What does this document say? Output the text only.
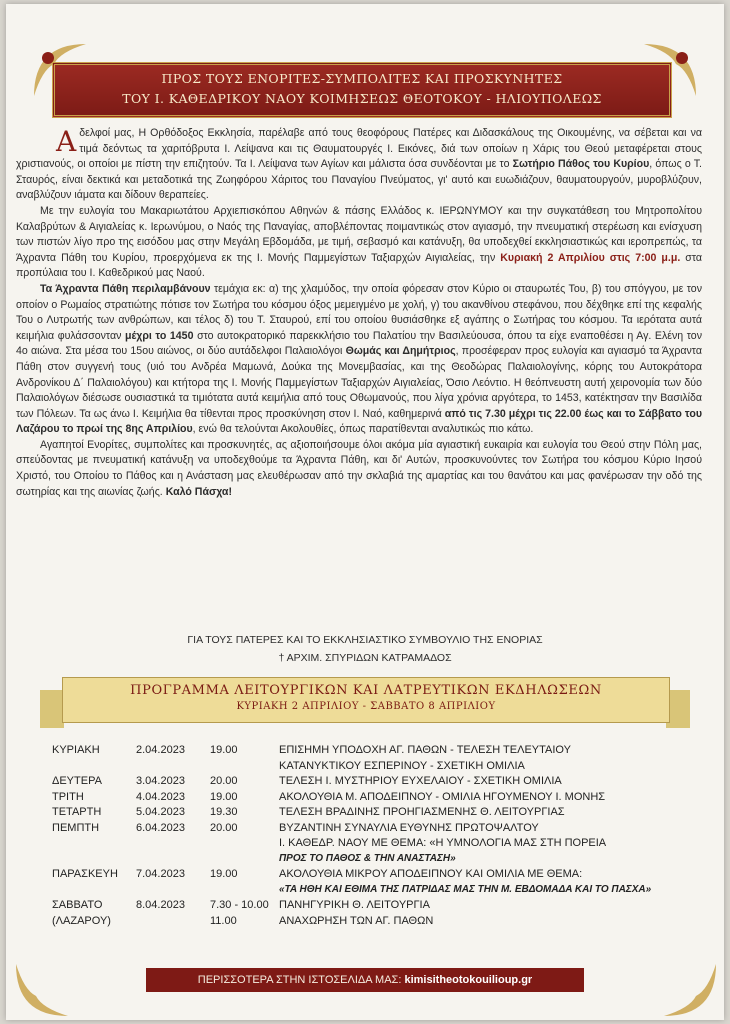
ΠΡΟΣ ΤΟΥΣ ΕΝΟΡΙΤΕΣ-ΣΥΜΠΟΛΙΤΕΣ ΚΑΙ ΠΡΟΣΚΥΝΗΤΕΣ
ΤΟΥ Ι. ΚΑΘΕΔΡΙΚΟΥ ΝΑΟΥ ΚΟΙΜΗΣΕΩΣ ΘΕΟΤΟΚΟΥ - ΗΛΙΟΥΠΟΛΕΩΣ

Αδελφοί μας, Η Ορθόδοξος Εκκλησία, παρέλαβε από τους θεοφόρους Πατέρες και Διδασκάλους της Οικουμένης, να σέβεται και να τιμά δεόντως τα χαριτόβρυτα Ι. Λείψανα και τις Θαυματουργές Ι. Εικόνες, διά των οποίων η Χάρις του Θεού μεταφέρεται στους χριστιανούς, οι οποίοι με πίστη την επιζητούν. Τα Ι. Λείψανα των Αγίων και μάλιστα όσα συνδέονται με το Σωτήριο Πάθος του Κυρίου, όπως ο Τ. Σταυρός, είναι δεκτικά και μεταδοτικά της Ζωηφόρου Χάριτος του Παναγίου Πνεύματος, γι' αυτό και ευωδιάζουν, θαυματουργούν, μυροβλύζουν, αναβλύζουν ιάματα και δίδουν θεραπείες.

Με την ευλογία του Μακαριωτάτου Αρχιεπισκόπου Αθηνών & πάσης Ελλάδος κ. ΙΕΡΩΝΥΜΟΥ και την συγκατάθεση του Μητροπολίτου Καλαβρύτων & Αιγιαλείας κ. Ιερωνύμου, ο Ναός της Παναγίας, αποβλέποντας ποιμαντικώς στον αγιασμό, την πνευματική στερέωση και ενίσχυση των πιστών λίγο προ της εισόδου μας στην Μεγάλη Εβδομάδα, με τιμή, σεβασμό και κατάνυξη, θα υποδεχθεί εκκλησιαστικώς και ιεροπρεπώς, τα Άχραντα Πάθη του Κυρίου, προερχόμενα εκ της Ι. Μονής Παμμεγίστων Ταξιαρχών Αιγιαλείας, την Κυριακή 2 Απριλίου στις 7:00 μ.μ. στα προπύλαια του Ι. Καθεδρικού μας Ναού.

Τα Άχραντα Πάθη περιλαμβάνουν τεμάχια εκ: α) της χλαμύδος, την οποία φόρεσαν στον Κύριο οι σταυρωτές Του, β) του σπόγγου, με τον οποίον ο Ρωμαίος στρατιώτης πότισε τον Σωτήρα του κόσμου όξος μεμειγμένο με χολή, γ) του ακανθίνου στεφάνου, που δέχθηκε επί της κεφαλής Του ο Λυτρωτής των ανθρώπων, και τέλος δ) του Τ. Σταυρού, επί του οποίου θυσιάσθηκε εξ αγάπης ο Σωτήρας του κόσμου. Τα ιερότατα αυτά κειμήλια φυλάσσονταν μέχρι το 1450 στο αυτοκρατορικό παρεκκλήσιο του Παλατίου την Βασιλεύουσα, όπου τα είχε εναποθέσει η Αγ. Ελένη τον 4ο αιώνα. Στα μέσα του 15ου αιώνος, οι δύο αυτάδελφοι Παλαιολόγοι Θωμάς και Δημήτριος, προσέφεραν προς ευλογία και αγιασμό τα Άχραντα Πάθη στον συγγενή τους (υιό του Ανδρέα Μαμωνά, Δούκα της Μονεμβασίας, και της Θεοδώρας Παλαιολογίνης, κόρης του Αυτοκράτορα Ανδρονίκου Δ΄ Παλαιολόγου) και κτήτορα της Ι. Μονής Παμμεγίστων Ταξιαρχών Αιγιαλείας, Όσιο Λεόντιο. Η θεόπνευστη αυτή χειρονομία των δύο Παλαιολόγων διέσωσε ουσιαστικά τα τιμιότατα αυτά κειμήλια από τους Οθωμανούς, που λίγα χρόνια αργότερα, το 1453, κατέκτησαν την Βασιλίδα των Πόλεων. Τα ως άνω Ι. Κειμήλια θα τίθενται προς προσκύνηση στον Ι. Ναό, καθημερινά από τις 7.30 μέχρι τις 22.00 έως και το Σάββατο του Λαζάρου το πρωί της 8ης Απριλίου, ενώ θα τελούνται Ακολουθίες, όπως παρατίθενται αναλυτικώς πιο κάτω.

Αγαπητοί Ενορίτες, συμπολίτες και προσκυνητές, ας αξιοποιήσουμε όλοι ακόμα μία αγιαστική ευκαιρία και ευλογία του Θεού στην Πόλη μας, σπεύδοντας με πνευματική κατάνυξη να υποδεχθούμε τα Άχραντα Πάθη, και δι' Αυτών, προσκυνούντες τον Σωτήρα του κόσμου Κύριο Ιησού Χριστό, του Οποίου το Πάθος και η Ανάσταση μας ελευθέρωσαν από την σκλαβιά της αμαρτίας και του θανάτου και μας φανέρωσαν την οδό της σωτηρίας και της αιωνίας ζωής. Καλό Πάσχα!

ΓΙΑ ΤΟΥΣ ΠΑΤΕΡΕΣ ΚΑΙ ΤΟ ΕΚΚΛΗΣΙΑΣΤΙΚΟ ΣΥΜΒΟΥΛΙΟ ΤΗΣ ΕΝΟΡΙΑΣ
† ΑΡΧΙΜ. ΣΠΥΡΙΔΩΝ ΚΑΤΡΑΜΑΔΟΣ
ΠΡΟΓΡΑΜΜΑ ΛΕΙΤΟΥΡΓΙΚΩΝ ΚΑΙ ΛΑΤΡΕΥΤΙΚΩΝ ΕΚΔΗΛΩΣΕΩΝ
ΚΥΡΙΑΚΗ 2 ΑΠΡΙΛΙΟΥ - ΣΑΒΒΑΤΟ 8 ΑΠΡΙΛΙΟΥ
ΚΥΡΙΑΚΗ	2.04.2023 19.00	ΕΠΙΣΗΜΗ ΥΠΟΔΟΧΗ ΑΓ. ΠΑΘΩΝ - ΤΕΛΕΣΗ ΤΕΛΕΥΤΑΙΟΥ
ΚΑΤΑΝΥΚΤΙΚΟΥ ΕΣΠΕΡΙΝΟΥ - ΣΧΕΤΙΚΗ ΟΜΙΛΙΑ
ΔΕΥΤΕΡΑ	3.04.2023 20.00	ΤΕΛΕΣΗ Ι. ΜΥΣΤΗΡΙΟΥ ΕΥΧΕΛΑΙΟΥ - ΣΧΕΤΙΚΗ ΟΜΙΛΙΑ
ΤΡΙΤΗ	4.04.2023 19.00	ΑΚΟΛΟΥΘΙΑ Μ. ΑΠΟΔΕΙΠΝΟΥ - ΟΜΙΛΙΑ ΗΓΟΥΜΕΝΟΥ Ι. ΜΟΝΗΣ
ΤΕΤΑΡΤΗ	5.04.2023 19.30	ΤΕΛΕΣΗ ΒΡΑΔΙΝΗΣ ΠΡΟΗΓΙΑΣΜΕΝΗΣ Θ. ΛΕΙΤΟΥΡΓΙΑΣ
ΠΕΜΠΤΗ	6.04.2023 20.00	ΒΥΖΑΝΤΙΝΗ ΣΥΝΑΥΛΙΑ ΕΥΘΥΝΗΣ ΠΡΩΤΟΨΑΛΤΟΥ
Ι. ΚΑΘΕΔΡ. ΝΑΟΥ ΜΕ ΘΕΜΑ: «Η ΥΜΝΟΛΟΓΙΑ ΜΑΣ ΣΤΗ ΠΟΡΕΙΑ
ΠΡΟΣ ΤΟ ΠΑΘΟΣ & ΤΗΝ ΑΝΑΣΤΑΣΗ»
ΠΑΡΑΣΚΕΥΗ 7.04.2023 19.00	ΑΚΟΛΟΥΘΙΑ ΜΙΚΡΟΥ ΑΠΟΔΕΙΠΝΟΥ ΚΑΙ ΟΜΙΛΙΑ ΜΕ ΘΕΜΑ:
«ΤΑ ΗΘΗ ΚΑΙ ΕΘΙΜΑ ΤΗΣ ΠΑΤΡΙΔΑΣ ΜΑΣ ΤΗΝ Μ. ΕΒΔΟΜΑΔΑ ΚΑΙ ΤΟ ΠΑΣΧΑ»
ΣΑΒΒΑΤΟ	8.04.2023 7.30 - 10.00 ΠΑΝΗΓΥΡΙΚΗ Θ. ΛΕΙΤΟΥΡΓΙΑ
(ΛΑΖΑΡΟΥ)	11.00	ΑΝΑΧΩΡΗΣΗ ΤΩΝ ΑΓ. ΠΑΘΩΝ
ΠΕΡΙΣΣΟΤΕΡΑ ΣΤΗΝ ΙΣΤΟΣΕΛΙΔΑ ΜΑΣ: kimisitheotokouilioup.gr
